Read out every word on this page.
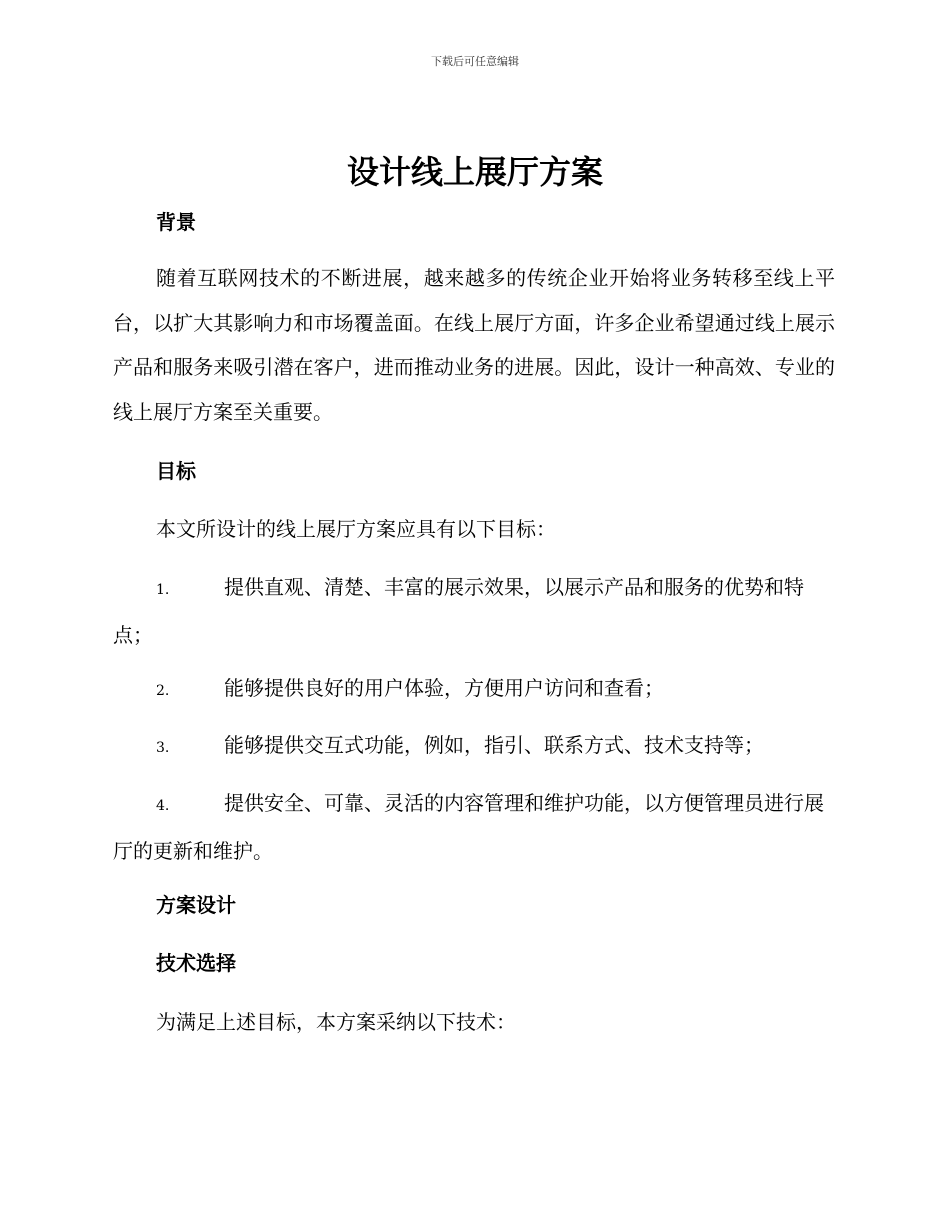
下载后可任意编辑
设计线上展厅方案
背景

随着互联网技术的不断进展，越来越多的传统企业开始将业务转移至线上平台，以扩大其影响力和市场覆盖面。在线上展厅方面，许多企业希望通过线上展示产品和服务来吸引潜在客户，进而推动业务的进展。因此，设计一种高效、专业的线上展厅方案至关重要。

目标

本文所设计的线上展厅方案应具有以下目标：

1.	提供直观、清楚、丰富的展示效果，以展示产品和服务的优势和特点；
2.	能够提供良好的用户体验，方便用户访问和查看；
3.	能够提供交互式功能，例如，指引、联系方式、技术支持等；
4.	提供安全、可靠、灵活的内容管理和维护功能，以方便管理员进行展厅的更新和维护。
方案设计
技术选择

为满足上述目标，本方案采纳以下技术：
